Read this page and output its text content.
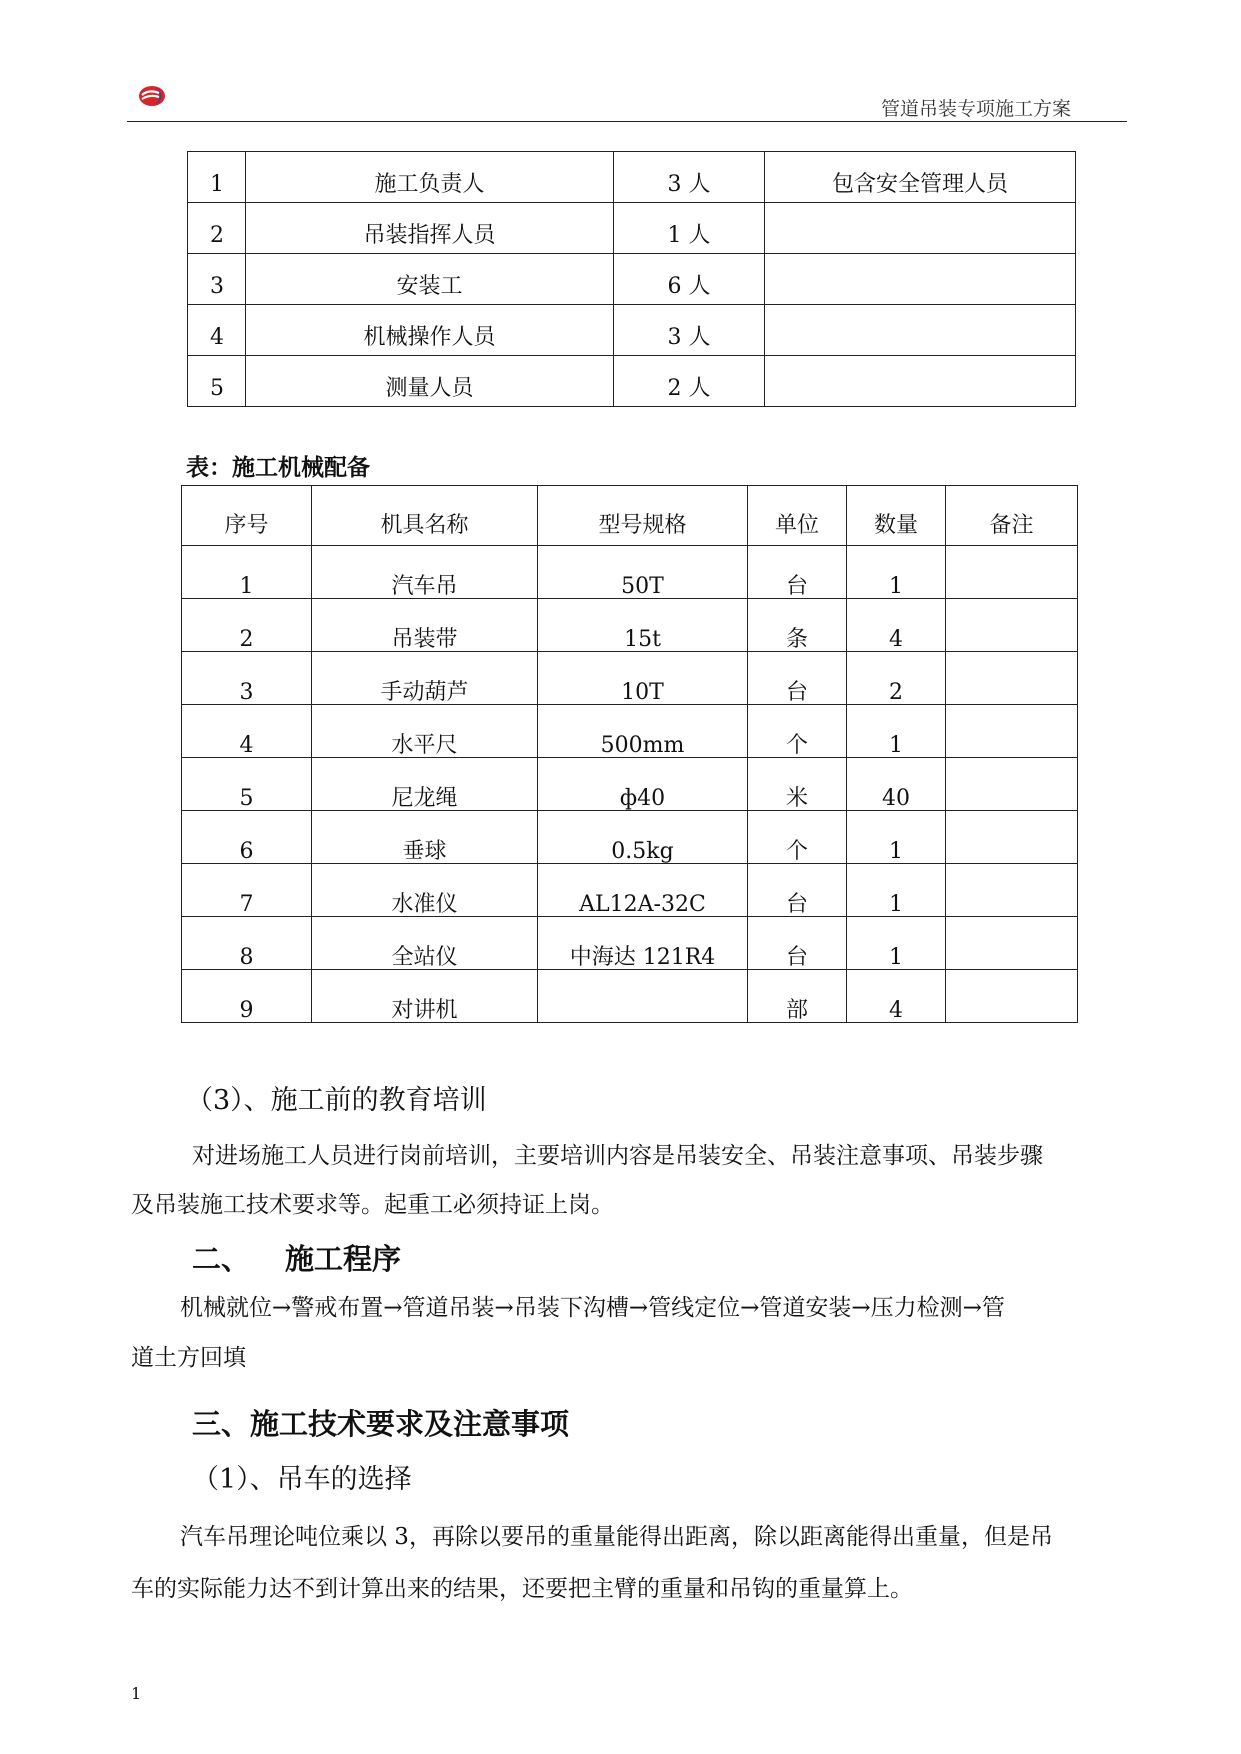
管道吊装专项施工方案
1	施工负责人	3 人	包含安全管理人员
2	吊装指挥人员	1 人	
3	安装工	6 人	
4	机械操作人员	3 人	
5	测量人员	2 人	
表：施工机械配备
序号	机具名称	型号规格	单位	数量	备注
1	汽车吊	50T	台	1	
2	吊装带	15t	条	4	
3	手动葫芦	10T	台	2	
4	水平尺	500mm	个	1	
5	尼龙绳	ф40	米	40	
6	垂球	0.5kg	个	1	
7	水准仪	AL12A-32C	台	1	
8	全站仪	中海达 121R4	台	1	
9	对讲机		部	4	
（3）、施工前的教育培训
对进场施工人员进行岗前培训，主要培训内容是吊装安全、吊装注意事项、吊装步骤
及吊装施工技术要求等。起重工必须持证上岗。
二、 施工程序
机械就位→警戒布置→管道吊装→吊装下沟槽→管线定位→管道安装→压力检测→管
道土方回填
三、施工技术要求及注意事项
（1）、吊车的选择
汽车吊理论吨位乘以 3，再除以要吊的重量能得出距离，除以距离能得出重量，但是吊
车的实际能力达不到计算出来的结果，还要把主臂的重量和吊钩的重量算上。
1
